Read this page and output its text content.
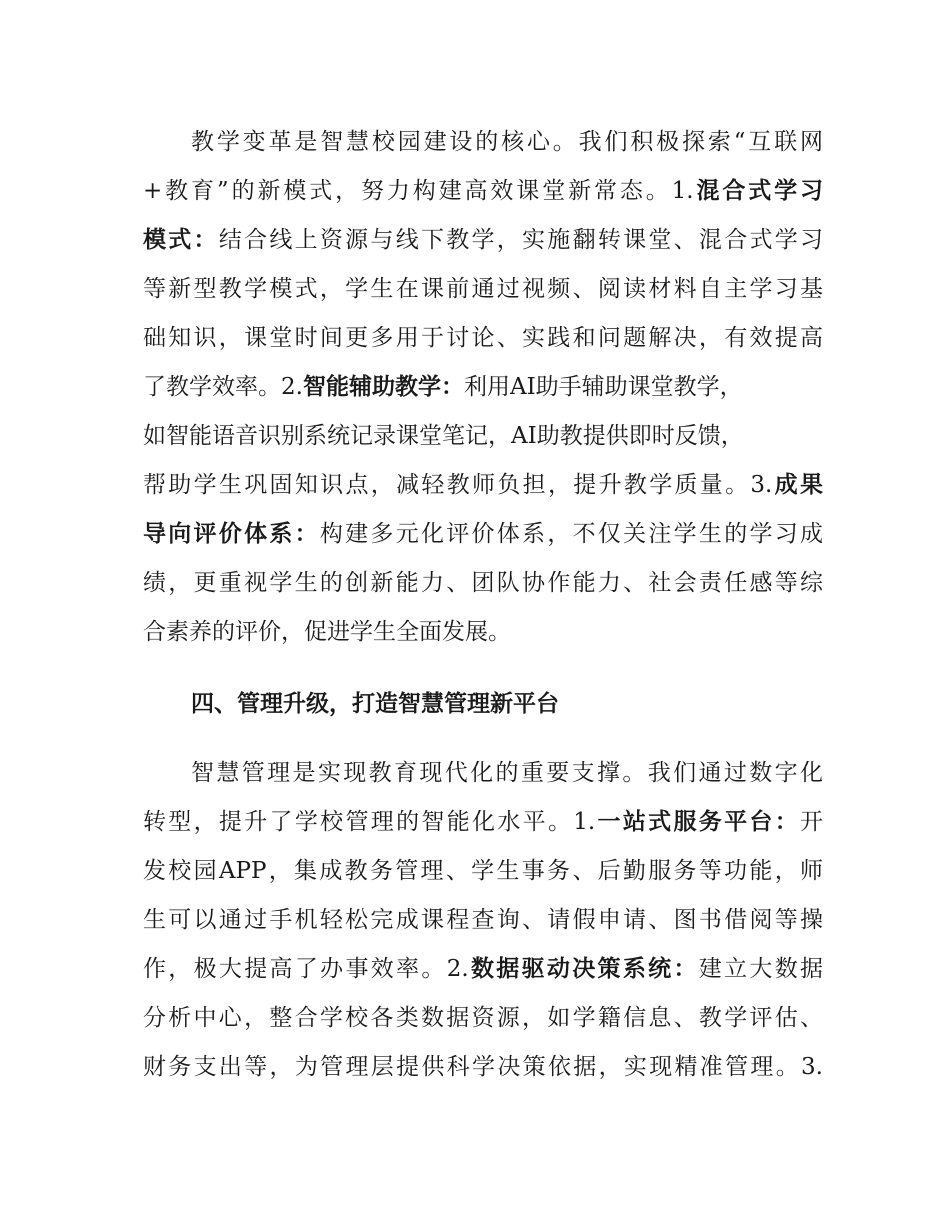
教学变革是智慧校园建设的核心。我们积极探索“互联网
+教育”的新模式，努力构建高效课堂新常态。1.混合式学习
模式：结合线上资源与线下教学，实施翻转课堂、混合式学习
等新型教学模式，学生在课前通过视频、阅读材料自主学习基
础知识，课堂时间更多用于讨论、实践和问题解决，有效提高
了教学效率。2.智能辅助教学：利用AI助手辅助课堂教学，
如智能语音识别系统记录课堂笔记，AI助教提供即时反馈，
帮助学生巩固知识点，减轻教师负担，提升教学质量。3.成果
导向评价体系：构建多元化评价体系，不仅关注学生的学习成
绩，更重视学生的创新能力、团队协作能力、社会责任感等综
合素养的评价，促进学生全面发展。
四、管理升级，打造智慧管理新平台
智慧管理是实现教育现代化的重要支撑。我们通过数字化
转型，提升了学校管理的智能化水平。1.一站式服务平台：开
发校园APP，集成教务管理、学生事务、后勤服务等功能，师
生可以通过手机轻松完成课程查询、请假申请、图书借阅等操
作，极大提高了办事效率。2.数据驱动决策系统：建立大数据
分析中心，整合学校各类数据资源，如学籍信息、教学评估、
财务支出等，为管理层提供科学决策依据，实现精准管理。3.
